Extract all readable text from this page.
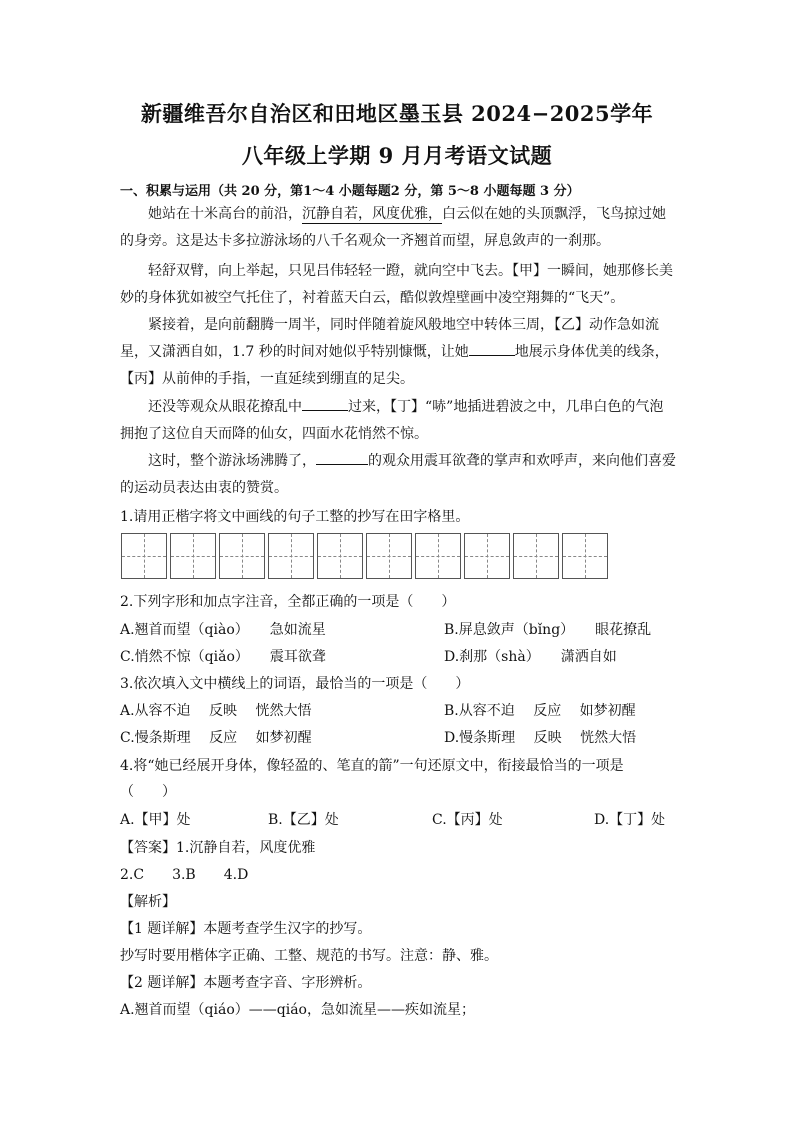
新疆维吾尔自治区和田地区墨玉县 2024−2025学年
八年级上学期 9 月月考语文试题
一、积累与运用（共 20 分，第1～4 小题每题2 分，第 5～8 小题每题 3 分）
她站在十米高台的前沿，沉静自若，风度优雅，白云似在她的头顶飘浮，飞鸟掠过她的身旁。这是达卡多拉游泳场的八千名观众一齐翘首而望，屏息敛声的一刹那。
轻舒双臂，向上举起，只见吕伟轻轻一蹬，就向空中飞去。【甲】一瞬间，她那修长美妙的身体犹如被空气托住了，衬着蓝天白云，酷似敦煌壁画中凌空翔舞的“飞天”。
紧接着，是向前翻腾一周半，同时伴随着旋风般地空中转体三周，【乙】动作急如流星，又潇洒自如，1.7 秒的时间对她似乎特别慷慨，让她	地展示身体优美的线条，【丙】从前伸的手指，一直延续到绷直的足尖。
还没等观众从眼花撩乱中	过来，【丁】“哧”地插进碧波之中，几串白色的气泡拥抱了这位自天而降的仙女，四面水花悄然不惊。
这时，整个游泳场沸腾了，	的观众用震耳欲聋的掌声和欢呼声，来向他们喜爱的运动员表达由衷的赞赏。
1.请用正楷字将文中画线的句子工整的抄写在田字格里。
2.下列字形和加点字注音，全都正确的一项是（　　）
A.翘首而望（qiào）　　急如流星	B.屏息敛声（bǐng）　　眼花撩乱
C.悄然不惊（qiǎo）　　震耳欲聋	D.刹那（shà）　　潇洒自如
3.依次填入文中横线上的词语，最恰当的一项是（　　）
A.从容不迫　 反映　 恍然大悟	B.从容不迫　 反应　 如梦初醒
C.慢条斯理　 反应　 如梦初醒	D.慢条斯理　 反映　 恍然大悟
4.将“她已经展开身体，像轻盈的、笔直的箭”一句还原文中，衔接最恰当的一项是
（　　）
A.【甲】处	B.【乙】处	C.【丙】处	D.【丁】处
【答案】1.沉静自若，风度优雅
2.C　　3.B　　4.D
【解析】
【1 题详解】本题考查学生汉字的抄写。
抄写时要用楷体字正确、工整、规范的书写。注意：静、雅。
【2 题详解】本题考查字音、字形辨析。
A.翘首而望（qiáo）——qiáo，急如流星——疾如流星；
